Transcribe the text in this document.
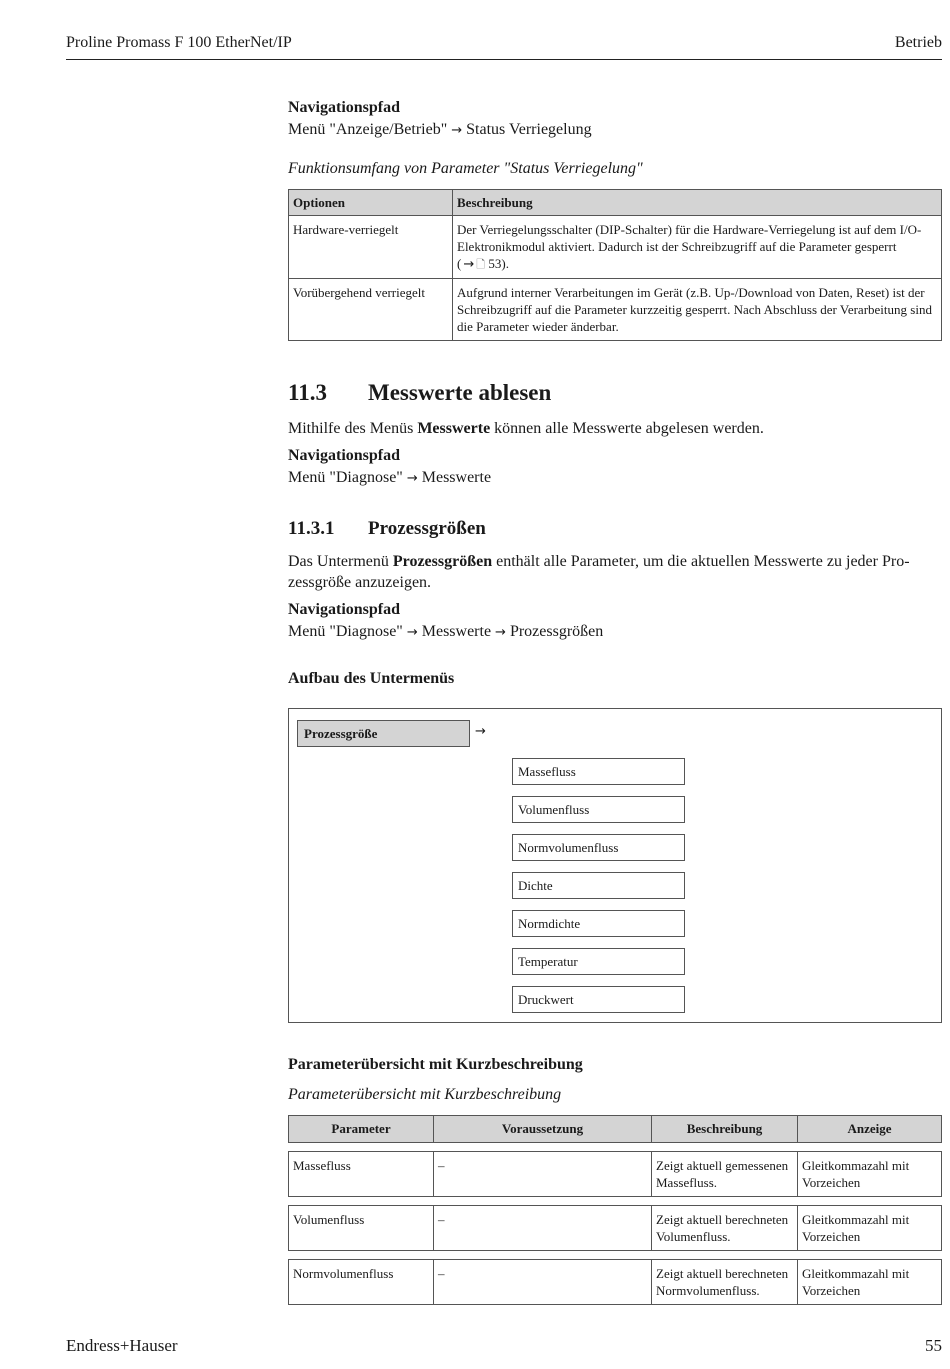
Proline Promass F 100 EtherNet/IP	Betrieb
Navigationspfad
Menü "Anzeige/Betrieb" → Status Verriegelung
Funktionsumfang von Parameter "Status Verriegelung"
Optionen	Beschreibung
Hardware-verriegelt	Der Verriegelungsschalter (DIP-Schalter) für die Hardware-Verriegelung ist auf dem I/O-Elektronikmodul aktiviert. Dadurch ist der Schreibzugriff auf die Parameter gesperrt
( → 🗋 53).
Vorübergehend verriegelt	Aufgrund interner Verarbeitungen im Gerät (z.B. Up-/Download von Daten, Reset) ist der Schreibzugriff auf die Parameter kurzzeitig gesperrt. Nach Abschluss der Verarbeitung sind die Parameter wieder änderbar.
11.3 Messwerte ablesen
Mithilfe des Menüs Messwerte können alle Messwerte abgelesen werden.
Navigationspfad
Menü "Diagnose" → Messwerte
11.3.1 Prozessgrößen
Das Untermenü Prozessgrößen enthält alle Parameter, um die aktuellen Messwerte zu jeder Pro-
zessgröße anzuzeigen.
Navigationspfad
Menü "Diagnose" → Messwerte → Prozessgrößen
Aufbau des Untermenüs
Prozessgröße	→
Massefluss
Volumenfluss
Normvolumenfluss
Dichte
Normdichte
Temperatur
Druckwert
Parameterübersicht mit Kurzbeschreibung
Parameterübersicht mit Kurzbeschreibung
Parameter	Voraussetzung	Beschreibung	Anzeige

Massefluss	–	Zeigt aktuell gemessenen Massefluss.	Gleitkommazahl mit Vorzeichen

Volumenfluss	–	Zeigt aktuell berechneten Volumenfluss.	Gleitkommazahl mit Vorzeichen

Normvolumenfluss	–	Zeigt aktuell berechneten Normvolumenfluss.	Gleitkommazahl mit Vorzeichen
Endress+Hauser	55
